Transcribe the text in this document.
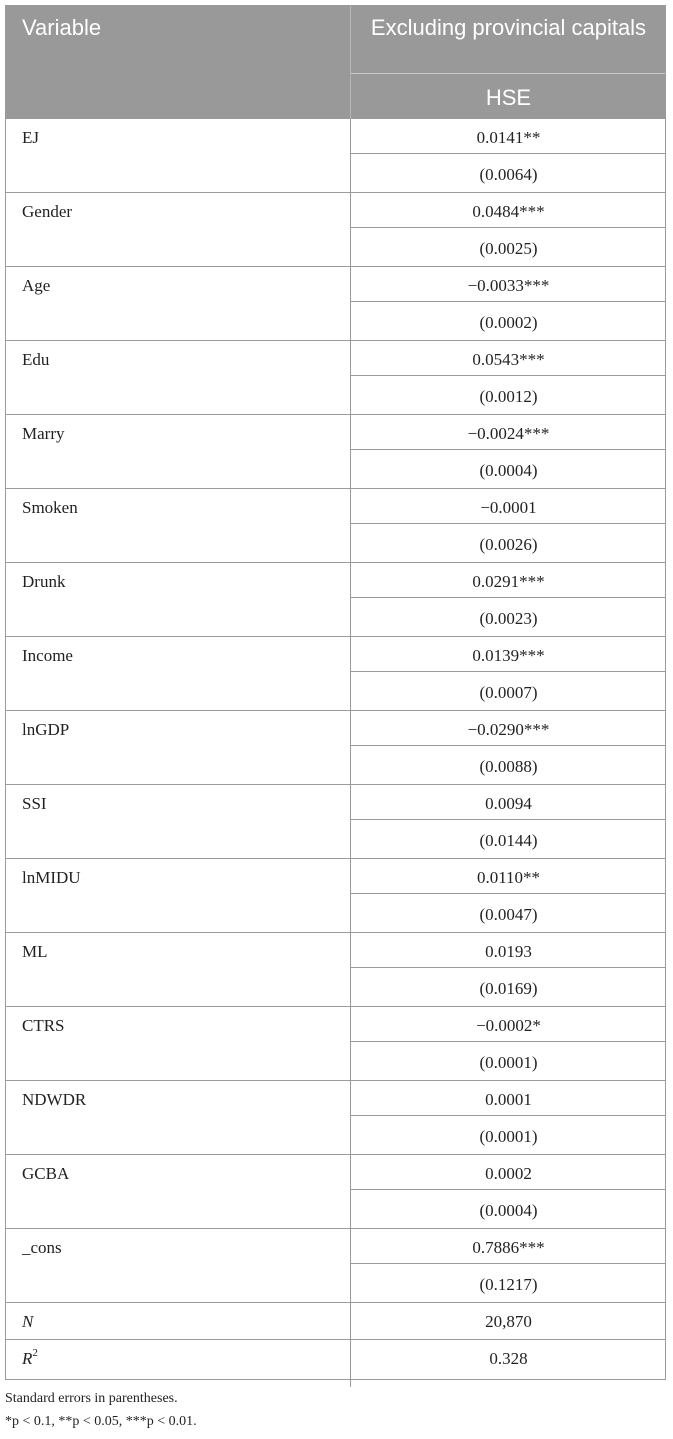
Variable	Excluding provincial capitals
HSE
EJ	0.0141**
(0.0064)
Gender	0.0484***
(0.0025)
Age	−0.0033***
(0.0002)
Edu	0.0543***
(0.0012)
Marry	−0.0024***
(0.0004)
Smoken	−0.0001
(0.0026)
Drunk	0.0291***
(0.0023)
Income	0.0139***
(0.0007)
lnGDP	−0.0290***
(0.0088)
SSI	0.0094
(0.0144)
lnMIDU	0.0110**
(0.0047)
ML	0.0193
(0.0169)
CTRS	−0.0002*
(0.0001)
NDWDR	0.0001
(0.0001)
GCBA	0.0002
(0.0004)
_cons	0.7886***
(0.1217)
N	20,870
$R^2$	0.328
Standard errors in parentheses.
*p < 0.1, **p < 0.05, ***p < 0.01.
